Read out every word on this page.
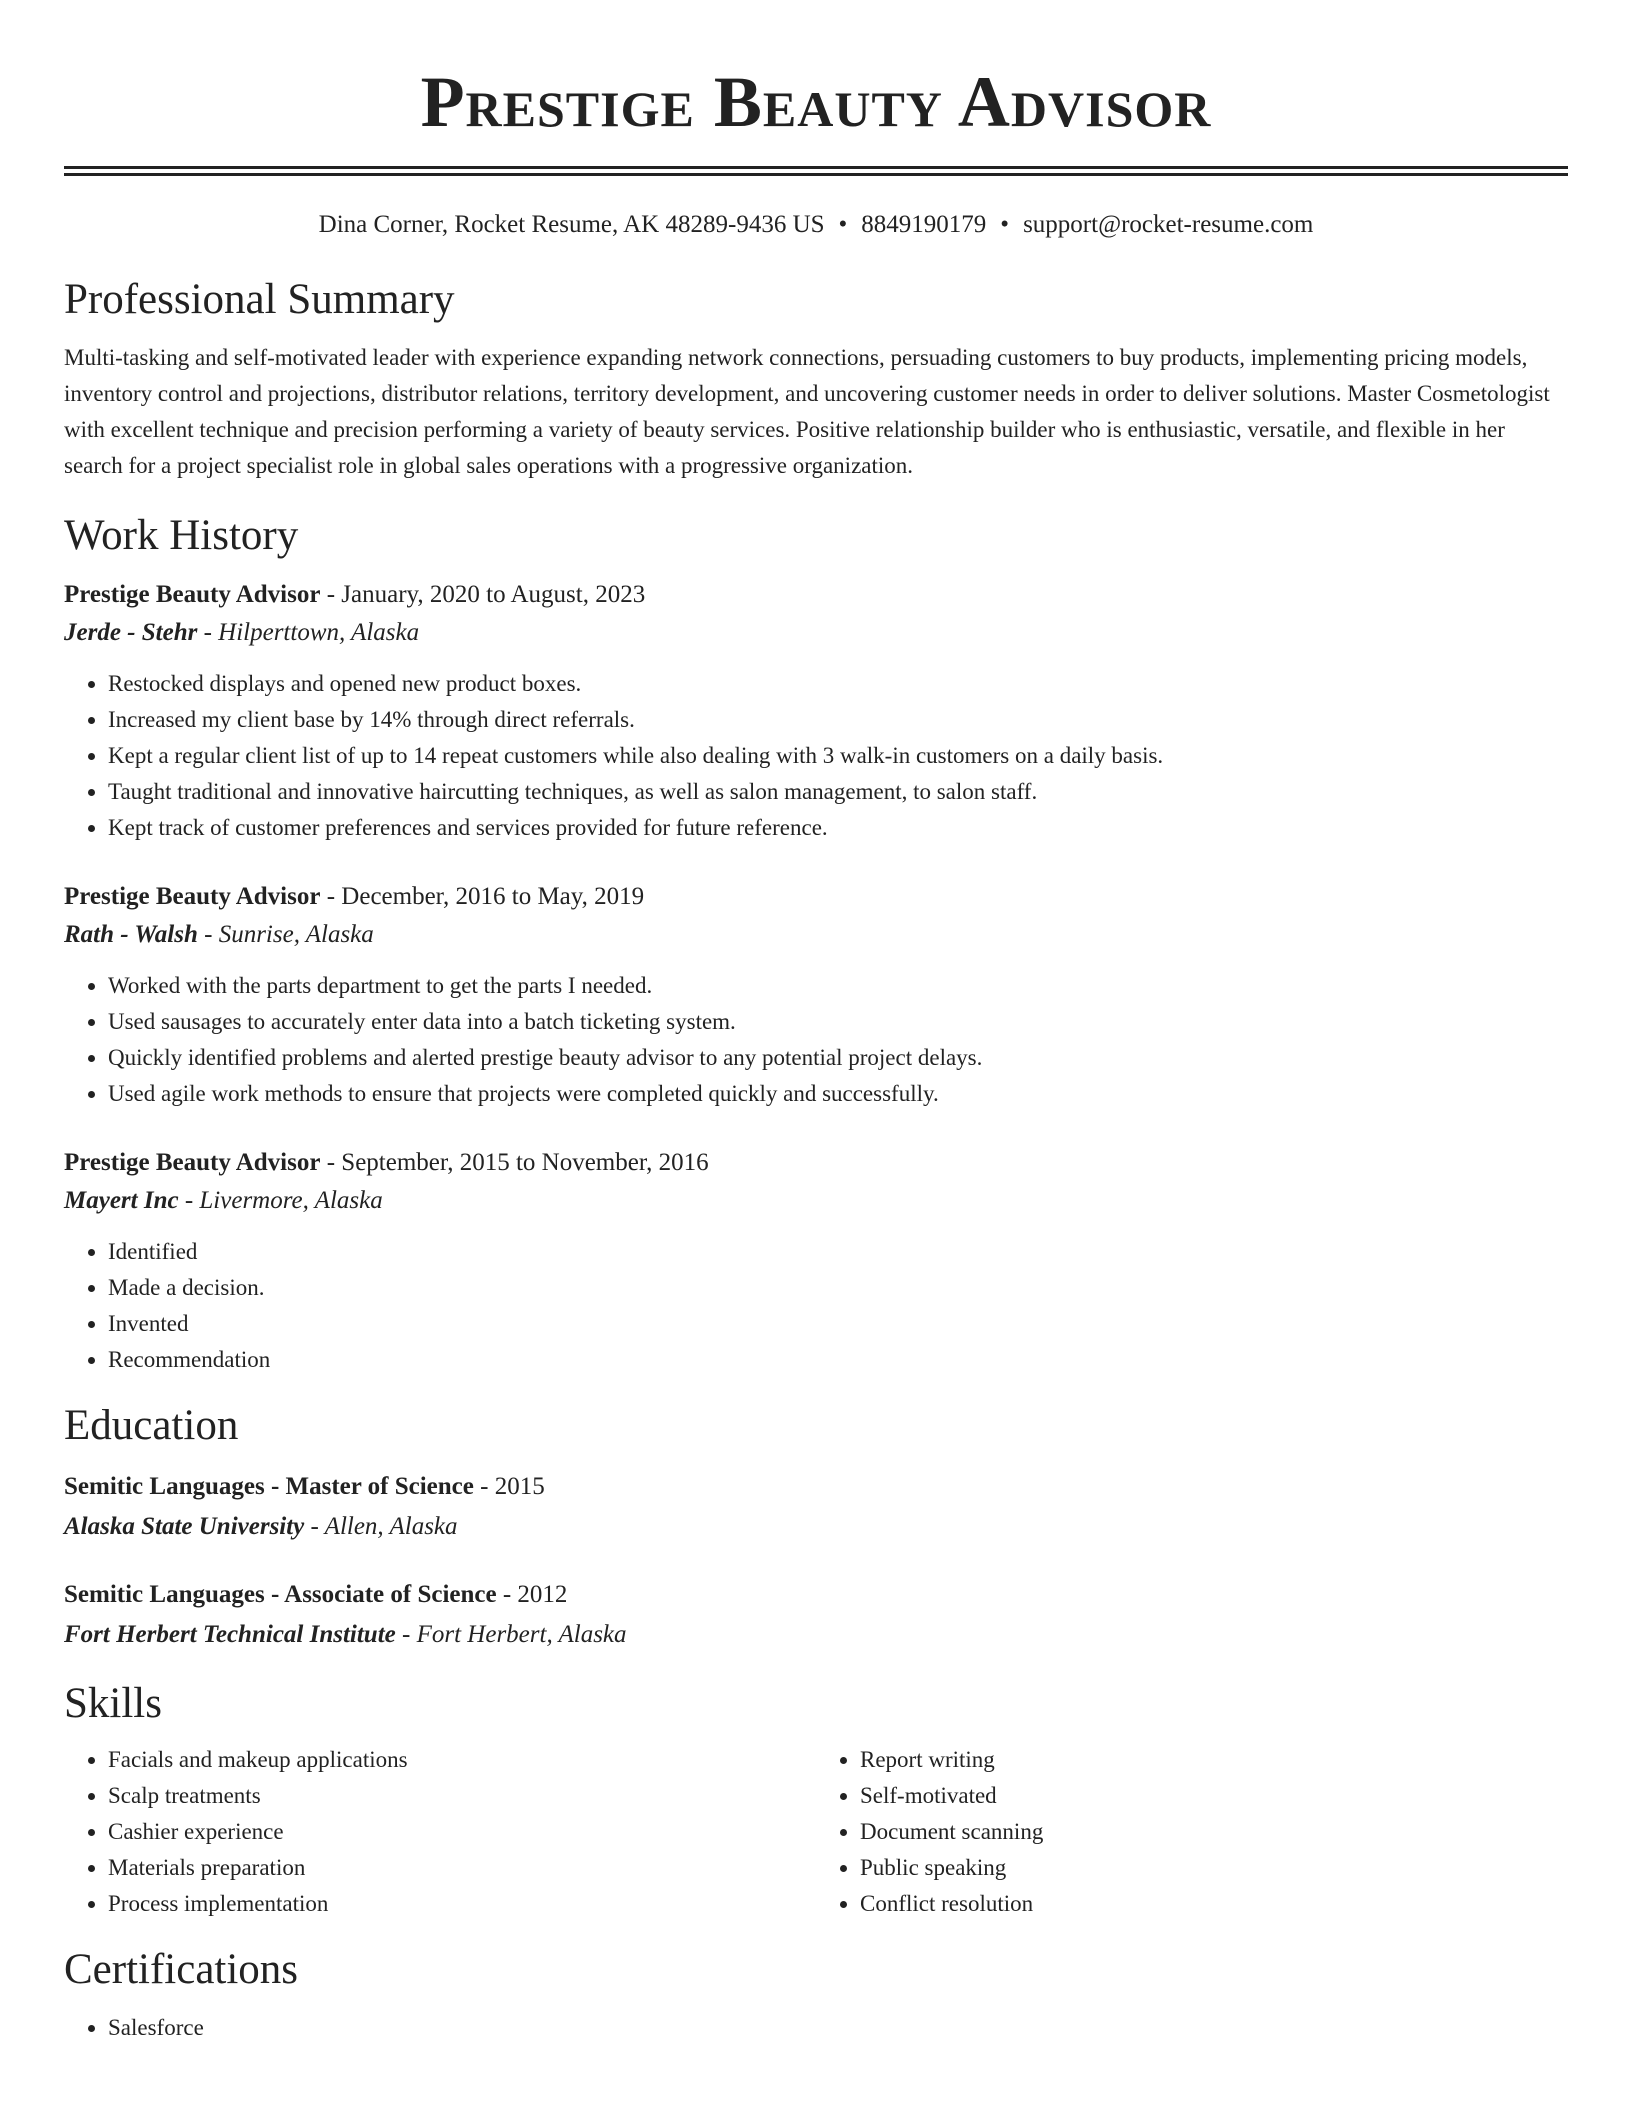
Prestige Beauty Advisor
Dina Corner, Rocket Resume, AK 48289-9436 US • 8849190179 • support@rocket-resume.com
Professional Summary

Multi-tasking and self-motivated leader with experience expanding network connections, persuading customers to buy products, implementing pricing models, inventory control and projections, distributor relations, territory development, and uncovering customer needs in order to deliver solutions. Master Cosmetologist with excellent technique and precision performing a variety of beauty services. Positive relationship builder who is enthusiastic, versatile, and flexible in her search for a project specialist role in global sales operations with a progressive organization.

Work History

Prestige Beauty Advisor - January, 2020 to August, 2023

Jerde - Stehr - Hilperttown, Alaska

• Restocked displays and opened new product boxes.
• Increased my client base by 14% through direct referrals.
• Kept a regular client list of up to 14 repeat customers while also dealing with 3 walk-in customers on a daily basis.
• Taught traditional and innovative haircutting techniques, as well as salon management, to salon staff.
• Kept track of customer preferences and services provided for future reference.

Prestige Beauty Advisor - December, 2016 to May, 2019

Rath - Walsh - Sunrise, Alaska

• Worked with the parts department to get the parts I needed.
• Used sausages to accurately enter data into a batch ticketing system.
• Quickly identified problems and alerted prestige beauty advisor to any potential project delays.
• Used agile work methods to ensure that projects were completed quickly and successfully.

Prestige Beauty Advisor - September, 2015 to November, 2016

Mayert Inc - Livermore, Alaska

• Identified
• Made a decision.
• Invented
• Recommendation
Education

Semitic Languages - Master of Science - 2015

Alaska State University - Allen, Alaska

Semitic Languages - Associate of Science - 2012

Fort Herbert Technical Institute - Fort Herbert, Alaska

Skills
• Facials and makeup applications
• Scalp treatments
• Cashier experience
• Materials preparation
• Process implementation
• Report writing
• Self-motivated
• Document scanning
• Public speaking
• Conflict resolution
Certifications
• Salesforce
